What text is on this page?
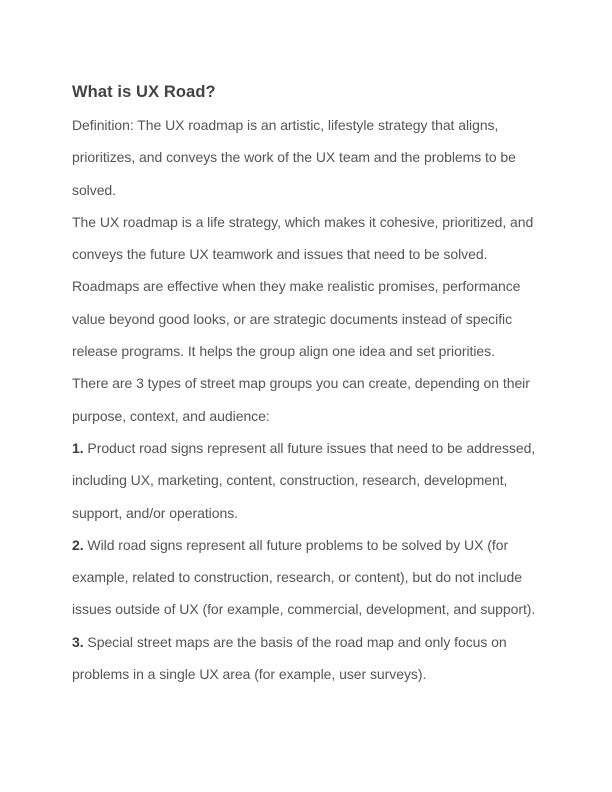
What is UX Road?

Definition: The UX roadmap is an artistic, lifestyle strategy that aligns, prioritizes, and conveys the work of the UX team and the problems to be solved.

The UX roadmap is a life strategy, which makes it cohesive, prioritized, and conveys the future UX teamwork and issues that need to be solved.

Roadmaps are effective when they make realistic promises, performance value beyond good looks, or are strategic documents instead of specific release programs. It helps the group align one idea and set priorities.

There are 3 types of street map groups you can create, depending on their purpose, context, and audience:

1. Product road signs represent all future issues that need to be addressed, including UX, marketing, content, construction, research, development, support, and/or operations.

2. Wild road signs represent all future problems to be solved by UX (for example, related to construction, research, or content), but do not include issues outside of UX (for example, commercial, development, and support).

3. Special street maps are the basis of the road map and only focus on problems in a single UX area (for example, user surveys).
